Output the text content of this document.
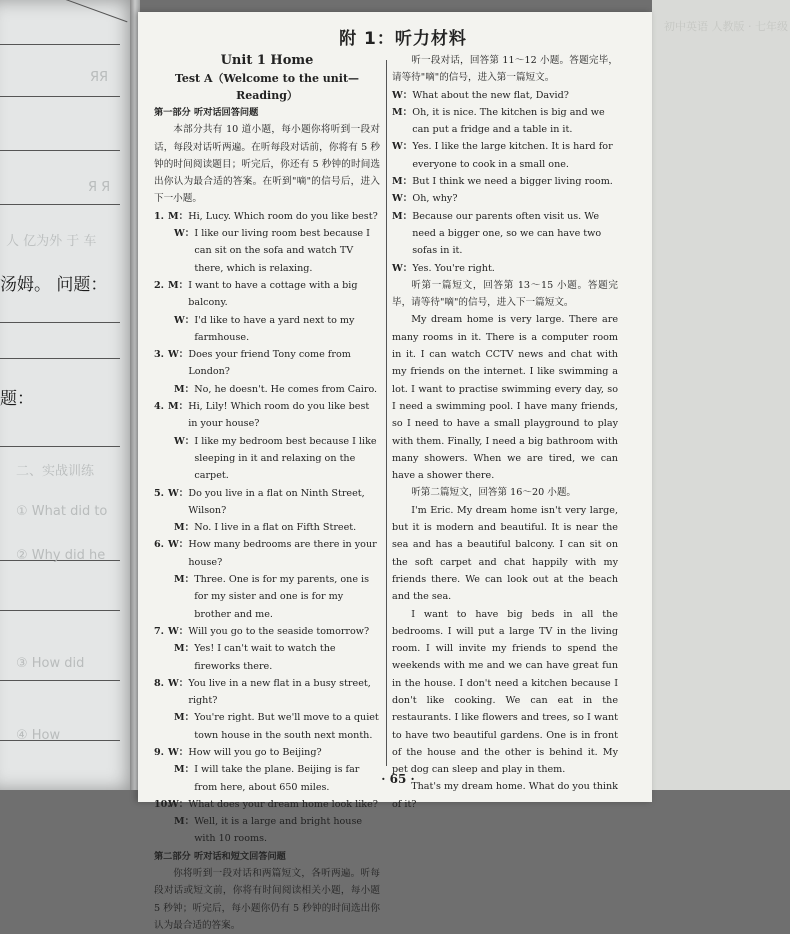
汤姆。 问题：
题：
ЯЯ
Я Я
人 亿为外 于 车
二、实战训练
① What did to
② Why did he
③ How did
④ How
初中英语 人教版 · 七年级
附 1：听力材料
Unit 1 Home
Test A（Welcome to the unit—Reading）
第一部分 听对话回答问题
本部分共有 10 道小题，每小题你将听到一段对话，每段对话听两遍。在听每段对话前，你将有 5 秒钟的时间阅读题目；听完后，你还有 5 秒钟的时间选出你认为最合适的答案。在听到"嘀"的信号后，进入下一小题。
1. M： Hi, Lucy. Which room do you like best?
W： I like our living room best because I can sit on the sofa and watch TV there, which is relaxing.
2. M： I want to have a cottage with a big balcony.
W： I'd like to have a yard next to my farmhouse.
3. W： Does your friend Tony come from London?
M： No, he doesn't. He comes from Cairo.
4. M： Hi, Lily! Which room do you like best in your house?
W： I like my bedroom best because I like sleeping in it and relaxing on the carpet.
5. W： Do you live in a flat on Ninth Street, Wilson?
M： No. I live in a flat on Fifth Street.
6. W： How many bedrooms are there in your house?
M： Three. One is for my parents, one is for my sister and one is for my brother and me.
7. W： Will you go to the seaside tomorrow?
M： Yes! I can't wait to watch the fireworks there.
8. W： You live in a new flat in a busy street, right?
M： You're right. But we'll move to a quiet town house in the south next month.
9. W： How will you go to Beijing?
M： I will take the plane. Beijing is far from here, about 650 miles.
10.
W： What does your dream home look like?
M： Well, it is a large and bright house with 10 rooms.
第二部分 听对话和短文回答问题
你将听到一段对话和两篇短文，各听两遍。听每段对话或短文前，你将有时间阅读相关小题，每小题 5 秒钟；听完后，每小题你仍有 5 秒钟的时间选出你认为最合适的答案。
听一段对话，回答第 11～12 小题。答题完毕，请等待"嘀"的信号，进入第一篇短文。
W： What about the new flat, David?
M： Oh, it is nice. The kitchen is big and we can put a fridge and a table in it.
W： Yes. I like the large kitchen. It is hard for everyone to cook in a small one.
M： But I think we need a bigger living room.
W： Oh, why?
M： Because our parents often visit us. We need a bigger one, so we can have two sofas in it.
W： Yes. You're right.
听第一篇短文，回答第 13～15 小题。答题完毕，请等待"嘀"的信号，进入下一篇短文。
My dream home is very large. There are many rooms in it. There is a computer room in it. I can watch CCTV news and chat with my friends on the internet. I like swimming a lot. I want to practise swimming every day, so I need a swimming pool. I have many friends, so I need to have a small playground to play with them. Finally, I need a big bathroom with many showers. When we are tired, we can have a shower there.
听第二篇短文，回答第 16～20 小题。
I'm Eric. My dream home isn't very large, but it is modern and beautiful. It is near the sea and has a beautiful balcony. I can sit on the soft carpet and chat happily with my friends there. We can look out at the beach and the sea.
I want to have big beds in all the bedrooms. I will put a large TV in the living room. I will invite my friends to spend the weekends with me and we can have great fun in the house. I don't need a kitchen because I don't like cooking. We can eat in the restaurants. I like flowers and trees, so I want to have two beautiful gardens. One is in front of the house and the other is behind it. My pet dog can sleep and play in them.
That's my dream home. What do you think of it?
· 65 ·
